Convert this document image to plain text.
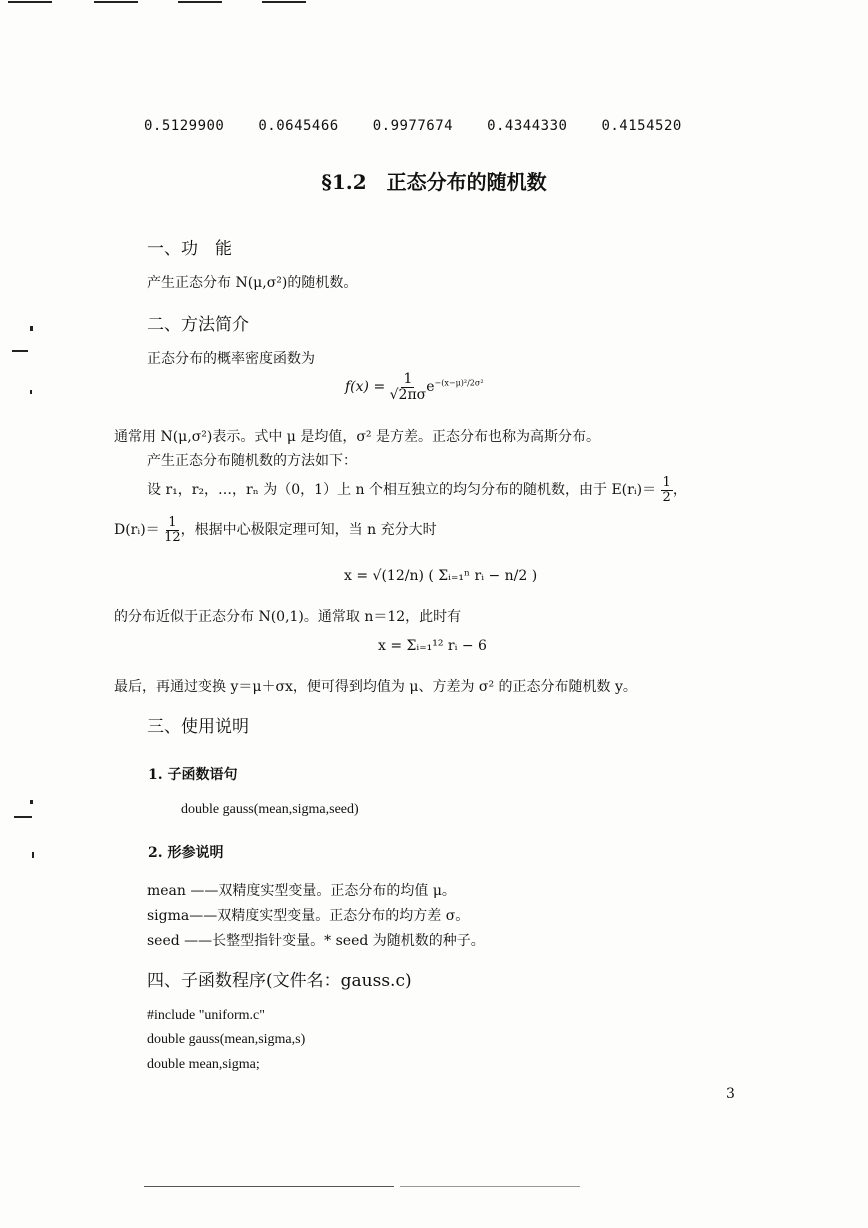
0.5129900 0.0645466 0.9977674 0.4344330 0.4154520
§1.2　正态分布的随机数
一、功　能
产生正态分布 N(μ,σ²)的随机数。
二、方法简介
正态分布的概率密度函数为
$f(x) = \frac{1}{√2\pi\sigma} e^{-(x-\mu)^2/2\sigma^2}$
通常用 N(μ,σ²)表示。式中 μ 是均值，σ² 是方差。正态分布也称为高斯分布。
产生正态分布随机数的方法如下：
设 r₁，r₂，…，rₙ 为（0，1）上 n 个相互独立的均匀分布的随机数，由于 E(rᵢ)＝ $\frac{1}{2}$ ，
D(rᵢ)＝ $\frac{1}{12}$ ，根据中心极限定理可知，当 n 充分大时
x = √(12/n) ( Σᵢ₌₁ⁿ rᵢ − n/2 )
的分布近似于正态分布 N(0,1)。通常取 n＝12，此时有
x = Σᵢ₌₁¹² rᵢ − 6
最后，再通过变换 y＝μ＋σx，便可得到均值为 μ、方差为 σ² 的正态分布随机数 y。
三、使用说明
1. 子函数语句
double gauss(mean,sigma,seed)
2. 形参说明
mean ——双精度实型变量。正态分布的均值 μ。
sigma——双精度实型变量。正态分布的均方差 σ。
seed ——长整型指针变量。* seed 为随机数的种子。
四、子函数程序(文件名：gauss.c)
#include "uniform.c"
double gauss(mean,sigma,s)
double mean,sigma;
3
